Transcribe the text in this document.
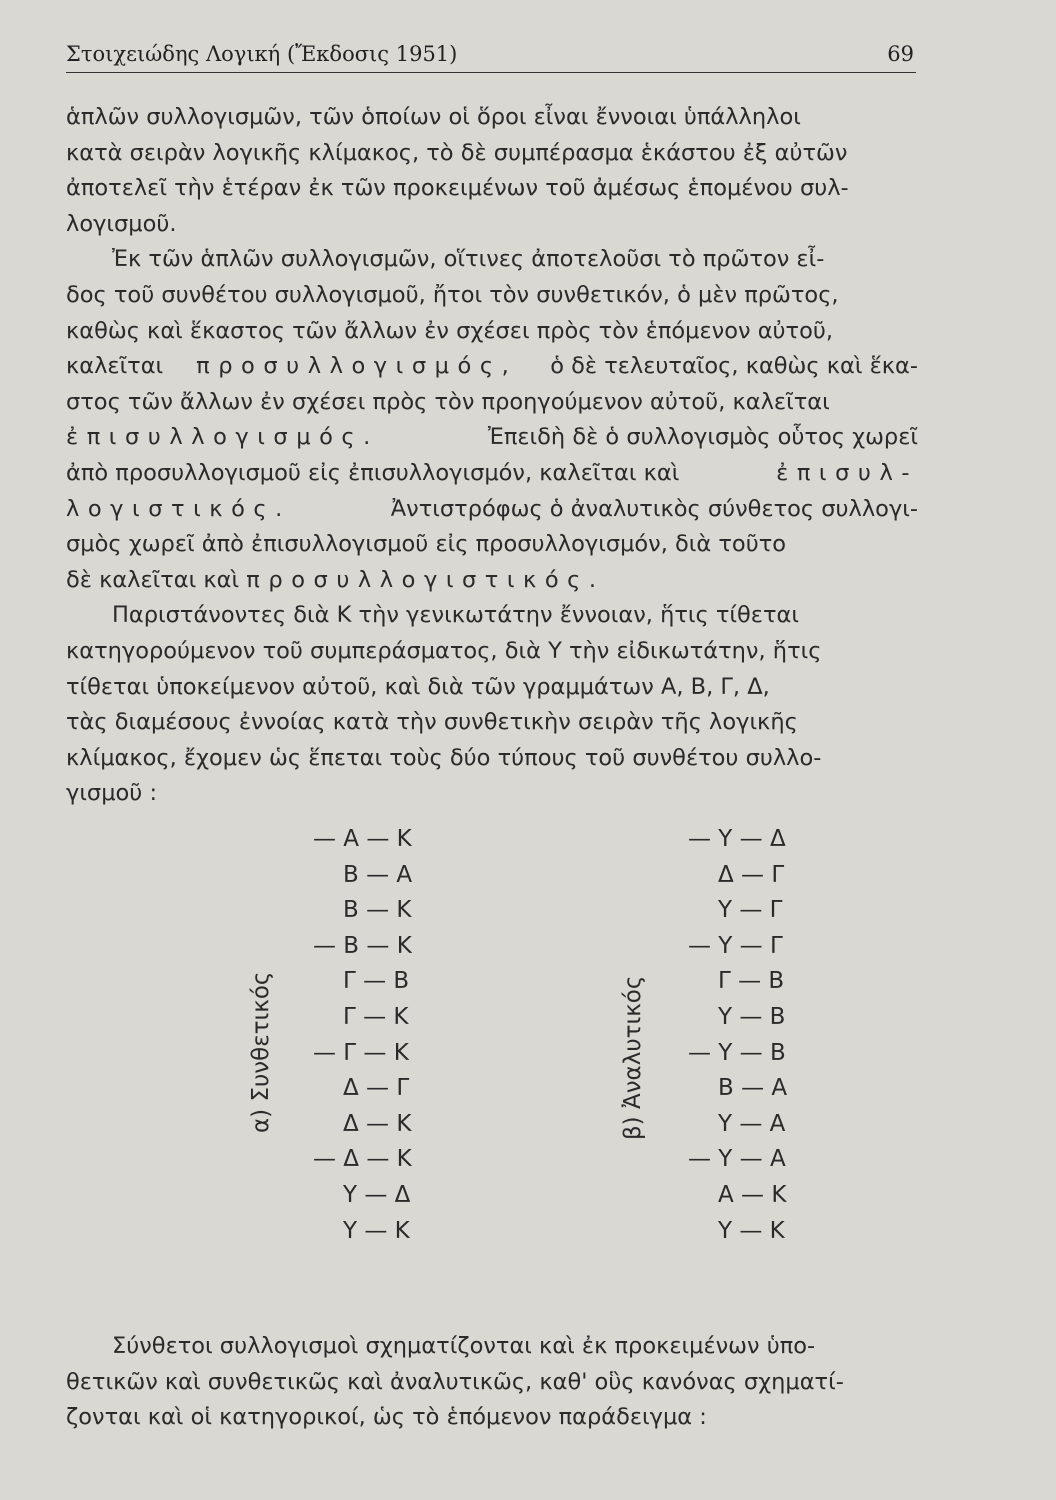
Στοιχειώδης Λογική (Ἔκδοσις 1951)	69
ἁπλῶν συλλογισμῶν, τῶν ὁποίων οἱ ὅροι εἶναι ἔννοιαι ὑπάλληλοι
κατὰ σειρὰν λογικῆς κλίμακος, τὸ δὲ συμπέρασμα ἑκάστου ἐξ αὐτῶν
ἀποτελεῖ τὴν ἑτέραν ἐκ τῶν προκειμένων τοῦ ἀμέσως ἑπομένου συλ-
λογισμοῦ.
Ἐκ τῶν ἁπλῶν συλλογισμῶν, οἵτινες ἀποτελοῦσι τὸ πρῶτον εἶ-
δος τοῦ συνθέτου συλλογισμοῦ, ἤτοι τὸν συνθετικόν, ὁ μὲν πρῶτος,
καθὼς καὶ ἕκαστος τῶν ἄλλων ἐν σχέσει πρὸς τὸν ἑπόμενον αὐτοῦ,
καλεῖται προσυλλογισμός, ὁ δὲ τελευταῖος, καθὼς καὶ ἕκα-
στος τῶν ἄλλων ἐν σχέσει πρὸς τὸν προηγούμενον αὐτοῦ, καλεῖται
ἐπισυλλογισμός.	Ἐπειδὴ δὲ ὁ συλλογισμὸς οὗτος χωρεῖ
ἀπὸ προσυλλογισμοῦ εἰς ἐπισυλλογισμόν, καλεῖται καὶ	ἐπισυλ-
λογιστικός.	Ἀντιστρόφως ὁ ἀναλυτικὸς σύνθετος συλλογι-
σμὸς χωρεῖ ἀπὸ ἐπισυλλογισμοῦ εἰς προσυλλογισμόν, διὰ τοῦτο
δὲ καλεῖται καὶ
προσυλλογιστικός.
Παριστάνοντες διὰ Κ τὴν γενικωτάτην ἔννοιαν, ἥτις τίθεται
κατηγορούμενον τοῦ συμπεράσματος, διὰ Υ τὴν εἰδικωτάτην, ἥτις
τίθεται ὑποκείμενον αὐτοῦ, καὶ διὰ τῶν γραμμάτων Α, Β, Γ, Δ,
τὰς διαμέσους ἐννοίας κατὰ τὴν συνθετικὴν σειρὰν τῆς λογικῆς
κλίμακος, ἔχομεν ὡς ἕπεται τοὺς δύο τύπους τοῦ συνθέτου συλλο-
γισμοῦ :
— Α — Κ
Β — Α
Β — Κ
— Β — Κ
Γ — Β
Γ — Κ
— Γ — Κ
Δ — Γ
Δ — Κ
— Δ — Κ
Υ — Δ
Υ — Κ
— Υ — Δ
Δ — Γ
Υ — Γ
— Υ — Γ
Γ — Β
Υ — Β
— Υ — Β
Β — Α
Υ — Α
— Υ — Α
Α — Κ
Υ — Κ
α) Συνθετικός	β) Ἀναλυτικός
Σύνθετοι συλλογισμοὶ σχηματίζονται καὶ ἐκ προκειμένων ὑπο-
θετικῶν καὶ συνθετικῶς καὶ ἀναλυτικῶς, καθ' οὓς κανόνας σχηματί-
ζονται καὶ οἱ κατηγορικοί, ὡς τὸ ἑπόμενον παράδειγμα :
